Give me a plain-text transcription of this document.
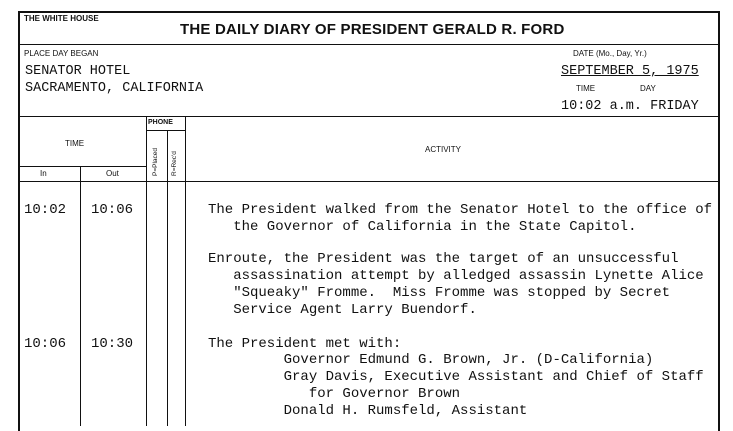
THE WHITE HOUSE
THE DAILY DIARY OF PRESIDENT GERALD R. FORD
PLACE DAY BEGAN
SENATOR HOTEL
SACRAMENTO, CALIFORNIA
DATE (Mo., Day, Yr.)
SEPTEMBER 5, 1975
TIME	DAY
10:02 a.m. FRIDAY
TIME
In	Out
PHONE
P=Placed R=Rec'd
ACTIVITY
10:02 10:06	The President walked from the Senator Hotel to the office of
the Governor of California in the State Capitol.
Enroute, the President was the target of an unsuccessful
assassination attempt by alledged assassin Lynette Alice
"Squeaky" Fromme.  Miss Fromme was stopped by Secret
Service Agent Larry Buendorf.
10:06 10:30	The President met with:
Governor Edmund G. Brown, Jr. (D-California)
Gray Davis, Executive Assistant and Chief of Staff
for Governor Brown
Donald H. Rumsfeld, Assistant
